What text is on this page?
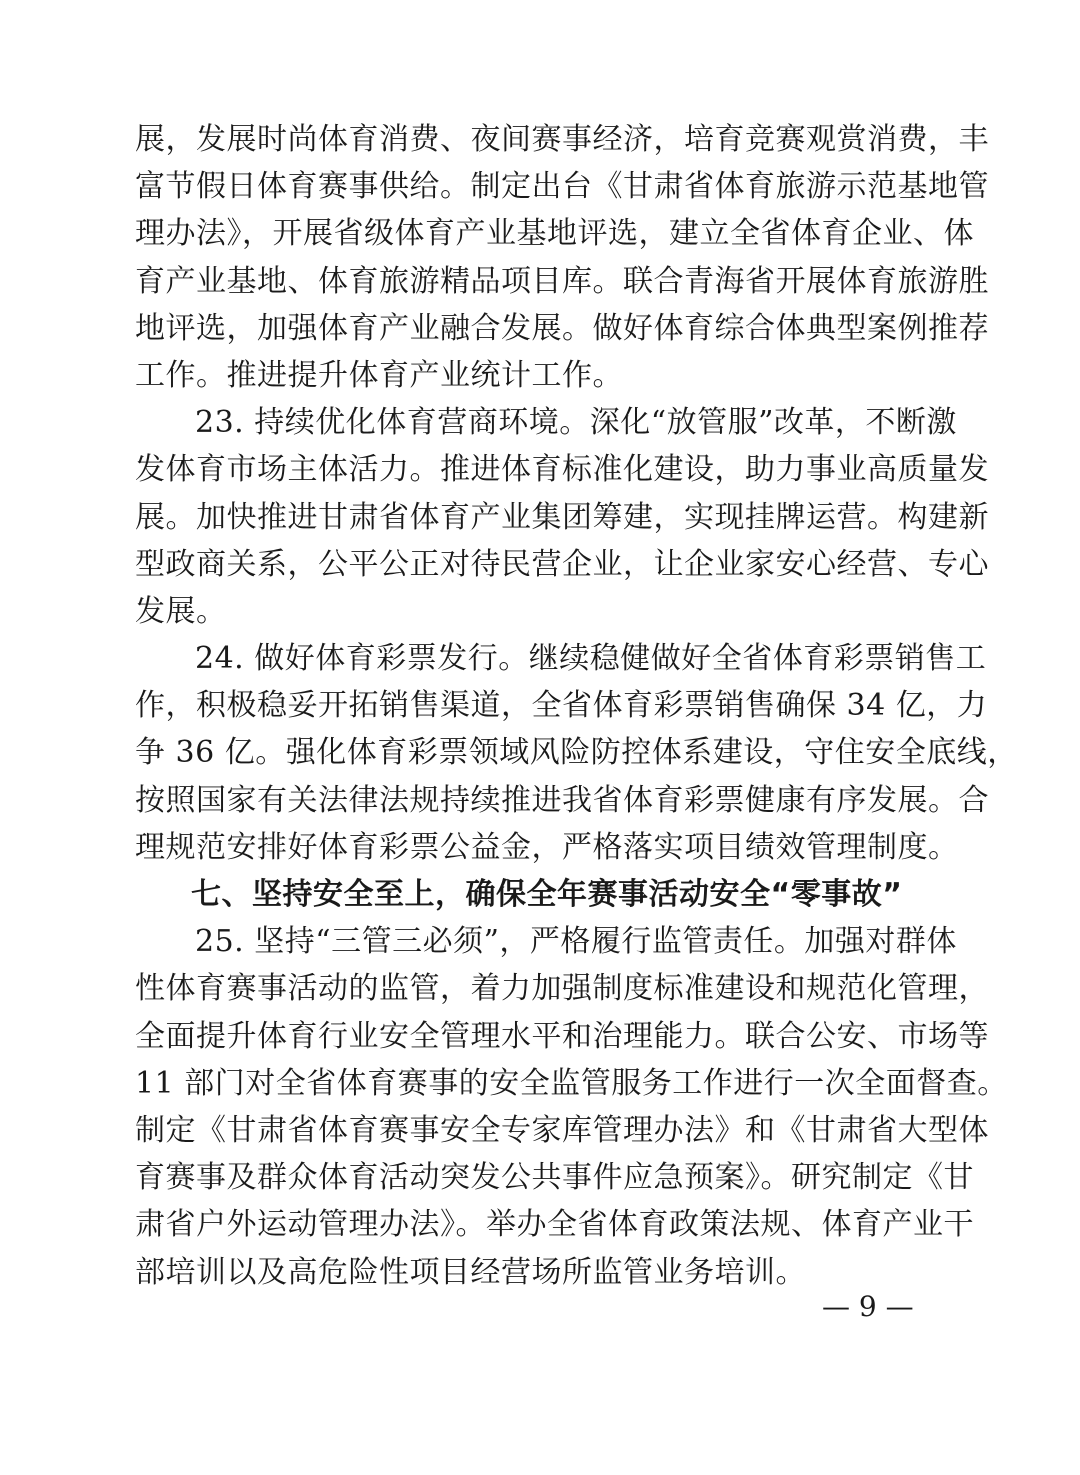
展，发展时尚体育消费、夜间赛事经济，培育竞赛观赏消费，丰
富节假日体育赛事供给。制定出台《甘肃省体育旅游示范基地管
理办法》，开展省级体育产业基地评选，建立全省体育企业、体
育产业基地、体育旅游精品项目库。联合青海省开展体育旅游胜
地评选，加强体育产业融合发展。做好体育综合体典型案例推荐
工作。推进提升体育产业统计工作。
23. 持续优化体育营商环境。深化“放管服”改革，不断激
发体育市场主体活力。推进体育标准化建设，助力事业高质量发
展。加快推进甘肃省体育产业集团筹建，实现挂牌运营。构建新
型政商关系，公平公正对待民营企业，让企业家安心经营、专心
发展。
24. 做好体育彩票发行。继续稳健做好全省体育彩票销售工
作，积极稳妥开拓销售渠道，全省体育彩票销售确保 34 亿，力
争 36 亿。强化体育彩票领域风险防控体系建设，守住安全底线，
按照国家有关法律法规持续推进我省体育彩票健康有序发展。合
理规范安排好体育彩票公益金，严格落实项目绩效管理制度。
七、坚持安全至上，确保全年赛事活动安全“零事故”
25. 坚持“三管三必须”，严格履行监管责任。加强对群体
性体育赛事活动的监管，着力加强制度标准建设和规范化管理，
全面提升体育行业安全管理水平和治理能力。联合公安、市场等
11 部门对全省体育赛事的安全监管服务工作进行一次全面督查。
制定《甘肃省体育赛事安全专家库管理办法》和《甘肃省大型体
育赛事及群众体育活动突发公共事件应急预案》。研究制定《甘
肃省户外运动管理办法》。举办全省体育政策法规、体育产业干
部培训以及高危险性项目经营场所监管业务培训。
— 9 —
